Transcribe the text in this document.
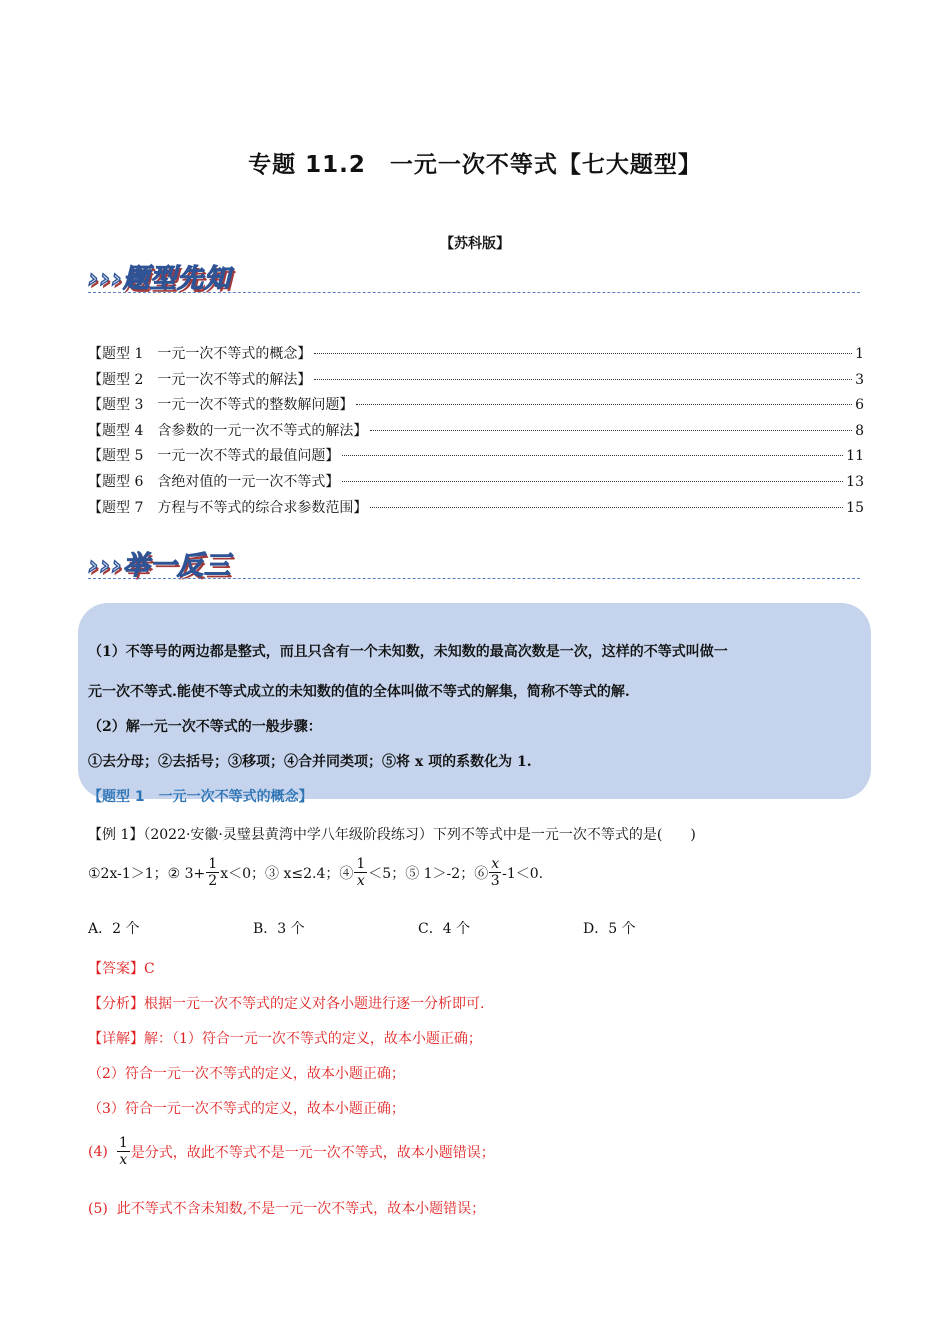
专题 11.2　一元一次不等式【七大题型】
【苏科版】
›››题型先知
【题型 1　一元一次不等式的概念】	1
【题型 2　一元一次不等式的解法】	3
【题型 3　一元一次不等式的整数解问题】	6
【题型 4　含参数的一元一次不等式的解法】	8
【题型 5　一元一次不等式的最值问题】	11
【题型 6　含绝对值的一元一次不等式】	13
【题型 7　方程与不等式的综合求参数范围】	15
›››举一反三
（1）不等号的两边都是整式，而且只含有一个未知数，未知数的最高次数是一次，这样的不等式叫做一
元一次不等式.能使不等式成立的未知数的值的全体叫做不等式的解集，简称不等式的解.
（2）解一元一次不等式的一般步骤：
①去分母；②去括号；③移项；④合并同类项；⑤将 x 项的系数化为 1.
【题型 1　一元一次不等式的概念】
【例 1】（2022·安徽·灵璧县黄湾中学八年级阶段练习）下列不等式中是一元一次不等式的是(　　)
①2x-1＞1；② $3+ \frac{1}{2} x<0$；③ x≤2.4；④ $\frac{1}{x} <5$；⑤ 1＞-2；⑥ $\frac{x}{3} -1<0$.
A．2 个	B．3 个	C．4 个	D．5 个
【答案】C
【分析】根据一元一次不等式的定义对各小题进行逐一分析即可.
【详解】解：（1）符合一元一次不等式的定义，故本小题正确；
（2）符合一元一次不等式的定义，故本小题正确；
（3）符合一元一次不等式的定义，故本小题正确；
$(4) \frac{1}{x}$ 是分式，故此不等式不是一元一次不等式，故本小题错误；
(5)  此不等式不含未知数,不是一元一次不等式，故本小题错误；
